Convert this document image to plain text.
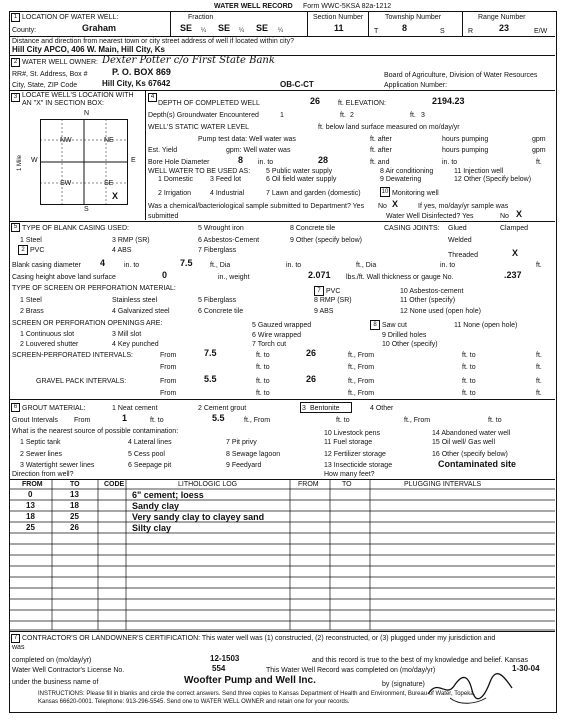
WATER WELL RECORD Form WWC-5 KSA 82a-1212
1 LOCATION OF WATER WELL:
County:	Graham
Fraction
SE ¼ SE ¼ SE ¼
Section Number
11
Township Number
T	8	S
Range Number
R	23	E/W
Distance and direction from nearest town or city street address of well if located within city?
Hill City APCO, 406 W. Main, Hill City, Ks
2 WATER WELL OWNER: Dexter Potter c/o First State Bank
RR#, St. Address, Box #	P. O. BOX 869
City, State, ZIP Code	Hill City, Ks 67642	OB-C-CT
Board of Agriculture, Division of Water Resources
Application Number:
3 LOCATE WELL'S LOCATION WITH AN "X" IN SECTION BOX:
N
S
W	E
1 Mile
NW	NE
SW	SE
X
4
DEPTH OF COMPLETED WELL	26	ft. ELEVATION:	2194.23
Depth(s) Groundwater Encountered	1	ft. 2	ft. 3
WELL'S STATIC WATER LEVEL	ft. below land surface measured on mo/day/yr
Pump test data: Well water was	ft. after	hours pumping	gpm
Est. Yield	gpm: Well water was	ft. after	hours pumping	gpm
Bore Hole Diameter	8 in. to	28	ft. and	in. to	ft.
WELL WATER TO BE USED AS:
1 Domestic 3 Feed lot
5 Public water supply	8 Air conditioning	11 Injection well
2 Irrigation	4 Industrial
6 Oil field water supply	9 Dewatering	12 Other (Specify below)
7 Lawn and garden (domestic)	10 Monitoring well
Was a chemical/bacteriological sample submitted to Department? Yes	X
No	If yes, mo/day/yr sample was
submitted	Water Well Disinfected? Yes	No X
5 TYPE OF BLANK CASING USED:
1 Steel	3 RMP (SR)
5 Wrought iron	8 Concrete tile
2 PVC	4 ABS
6 Asbestos-Cement	9 Other (specify below)
7 Fiberglass
CASING JOINTS: Glued	Clamped
Welded
Threaded	X
Blank casing diameter 4	in. to	7.5 ft., Dia	in. to	ft., Dia	in. to	ft.
Casing height above land surface	0	in., weight	2.071 lbs./ft. Wall thickness or gauge No.	.237
TYPE OF SCREEN OR PERFORATION MATERIAL:
1 Steel	Stainless steel	5 Fiberglass
7 PVC	10 Asbestos-cement
2 Brass	4 Galvanized steel	6 Concrete tile
8 RMP (SR)	11 Other (specify)
9 ABS	12 None used (open hole)
SCREEN OR PERFORATION OPENINGS ARE:
1 Continuous slot	3 Mill slot
5 Gauzed wrapped	8 Saw cut	11 None (open hole)
2 Louvered shutter	4 Key punched
6 Wire wrapped	9 Drilled holes
7 Torch cut	10 Other (specify)
SCREEN-PERFORATED INTERVALS:	From	7.5	ft. to	26	ft., From	ft. to	ft.
From	ft. to	ft., From	ft. to	ft.
GRAVEL PACK INTERVALS:	From	5.5	ft. to	26	ft., From	ft. to	ft.
From	ft. to	ft., From	ft. to	ft.
6 GROUT MATERIAL:	1 Neat cement	2 Cement grout	3 Bentonite	4 Other
Grout Intervals From	1	ft. to	5.5	ft., From	ft. to	ft., From	ft. to
What is the nearest source of possible contamination:
1 Septic tank	4 Lateral lines	7 Pit privy
10 Livestock pens	14 Abandoned water well
2 Sewer lines	5 Cess pool	8 Sewage lagoon
11 Fuel storage	15 Oil well/ Gas well
3 Watertight sewer lines	6 Seepage pit	9 Feedyard
12 Fertilizer storage	16 Other (specify below)
13 Insecticide storage	Contaminated site
Direction from well?	How many feet?
FROM	TO	CODE	LITHOLOGIC LOG	FROM	TO	PLUGGING INTERVALS
0	13	6" cement; loess
13	18	Sandy clay
18	25	Very sandy clay to clayey sand
25	26	Silty clay
7 CONTRACTOR'S OR LANDOWNER'S CERTIFICATION: This water well was (1) constructed, (2) reconstructed, or (3) plugged under my jurisdiction and
was
completed on (mo/day/yr)	12-1503	and this record is true to the best of my knowledge and belief. Kansas
Water Well Contractor's License No.	554	This Water Well Record was completed on (mo/day/yr)	1-30-04
under the business name of	Woofter Pump and Well Inc.	by (signature)
INSTRUCTIONS: Please fill in blanks and circle the correct answers. Send three copies to Kansas Department of Health and Environment, Bureau of Water, Topeka,
Kansas 66620-0001. Telephone: 913-296-5545. Send one to WATER WELL OWNER and retain one for your records.
